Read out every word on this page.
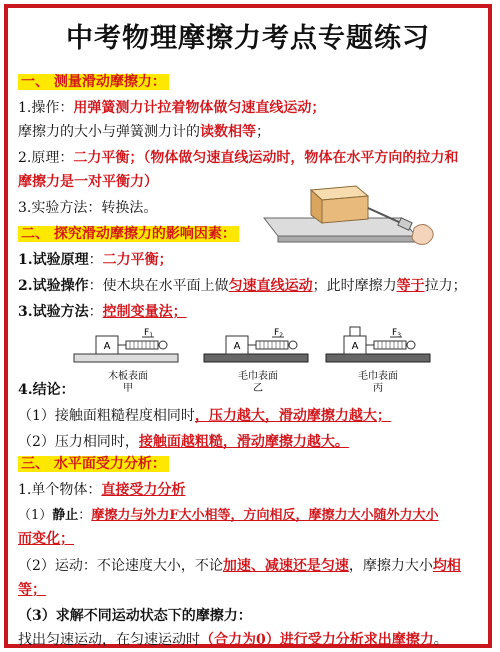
中考物理摩擦力考点专题练习
一、 测量滑动摩擦力：
1.操作：用弹簧测力计拉着物体做匀速直线运动；
摩擦力的大小与弹簧测力计的读数相等；
2.原理：二力平衡；（物体做匀速直线运动时，物体在水平方向的拉力和
摩擦力是一对平衡力）
3.实验方法：转换法。
二、 探究滑动摩擦力的影响因素：
1.试验原理：二力平衡；
2.试验操作：使木块在水平面上做匀速直线运动；此时摩擦力等于拉力；
3.试验方法：控制变量法；
A
$F_1$
木板表面
甲
A
$F_2$
毛巾表面
乙
A
$F_3$
毛巾表面
丙
4.结论：
（1）接触面粗糙程度相同时，压力越大，滑动摩擦力越大；
（2）压力相同时，接触面越粗糙，滑动摩擦力越大。
三、 水平面受力分析：
1.单个物体：直接受力分析
（1）静止：摩擦力与外力F大小相等，方向相反，摩擦力大小随外力大小
而变化；
（2）运动：不论速度大小，不论加速、减速还是匀速，摩擦力大小均相
等；
（3）求解不同运动状态下的摩擦力：
找出匀速运动，在匀速运动时（合力为0）进行受力分析求出摩擦力。
